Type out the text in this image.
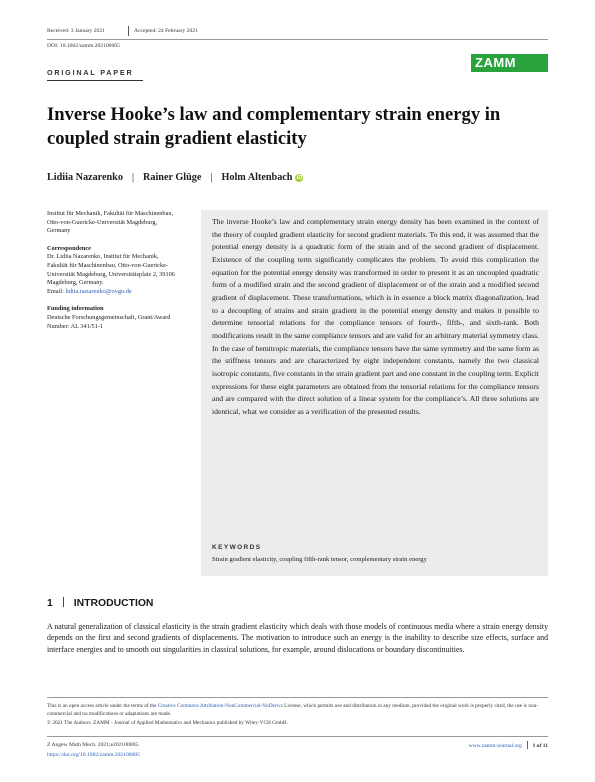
Received: 3 January 2021	Accepted: 24 February 2021
DOI: 10.1002/zamm.202100005
ORIGINAL PAPER
ZAMM
Inverse Hooke’s law and complementary strain energy in coupled strain gradient elasticity
Lidiia Nazarenko | Rainer Glüge | Holm Altenbach iD
Institut für Mechanik, Fakultät für Maschinenbau, Otto-von-Guericke-Universität Magdeburg, Germany
Correspondence
Dr. Lidiia Nazarenko, Institut für Mechanik, Fakultät für Maschinenbau, Otto-von-Guericke-Universität Magdeburg, Universitätsplatz 2, 39106 Magdeburg, Germany.
Email: lidiia.nazarenko@ovgu.de
Funding information
Deutsche Forschungsgemeinschaft, Grant/Award Number: AL 341/51-1

The inverse Hooke’s law and complementary strain energy density has been examined in the context of the theory of coupled gradient elasticity for second gradient materials. To this end, it was assumed that the potential energy density is a quadratic form of the strain and of the second gradient of displacement. Existence of the coupling term significantly complicates the problem. To avoid this complication the equation for the potential energy density was transformed in order to present it as an uncoupled quadratic form of a modified strain and the second gradient of displacement or of the strain and a modified second gradient of displacement. These transformations, which is in essence a block matrix diagonalization, lead to a decoupling of strains and strain gradient in the potential energy density and makes it possible to determine tensorial relations for the compliance tensors of fourth-, fifth-, and sixth-rank. Both modifications result in the same compliance tensors and are valid for an arbitrary material symmetry class. In the case of hemitropic materials, the compliance tensors have the same symmetry and the same form as the stiffness tensors and are characterized by eight independent constants, namely the two classical isotropic constants, five constants in the strain gradient part and one constant in the coupling term. Explicit expressions for these eight parameters are obtained from the tensorial relations for the compliance tensors and are compared with the direct solution of a linear system for the compliance’s. All three solutions are identical, what we consider as a verification of the presented results.

KEYWORDS
Strain gradient elasticity, coupling fifth-rank tensor, complementary strain energy
1 INTRODUCTION

A natural generalization of classical elasticity is the strain gradient elasticity which deals with those models of continuous media where a strain energy density depends on the first and second gradients of displacements. The motivation to introduce such an energy is the inability to describe size effects, surface and interface energies and to smooth out singularities in classical solutions, for example, around dislocations or boundary discontinuities.

This is an open access article under the terms of the Creative Commons Attribution-NonCommercial-NoDerivs License, which permits use and distribution in any medium, provided the original work is properly cited, the use is non-commercial and no modifications or adaptations are made.
© 2021 The Authors. ZAMM - Journal of Applied Mathematics and Mechanics published by Wiley-VCH GmbH.
Z Angew Math Mech. 2021;e202100005.
https://doi.org/10.1002/zamm.202100005
www.zamm-journal.org 1 of 11
